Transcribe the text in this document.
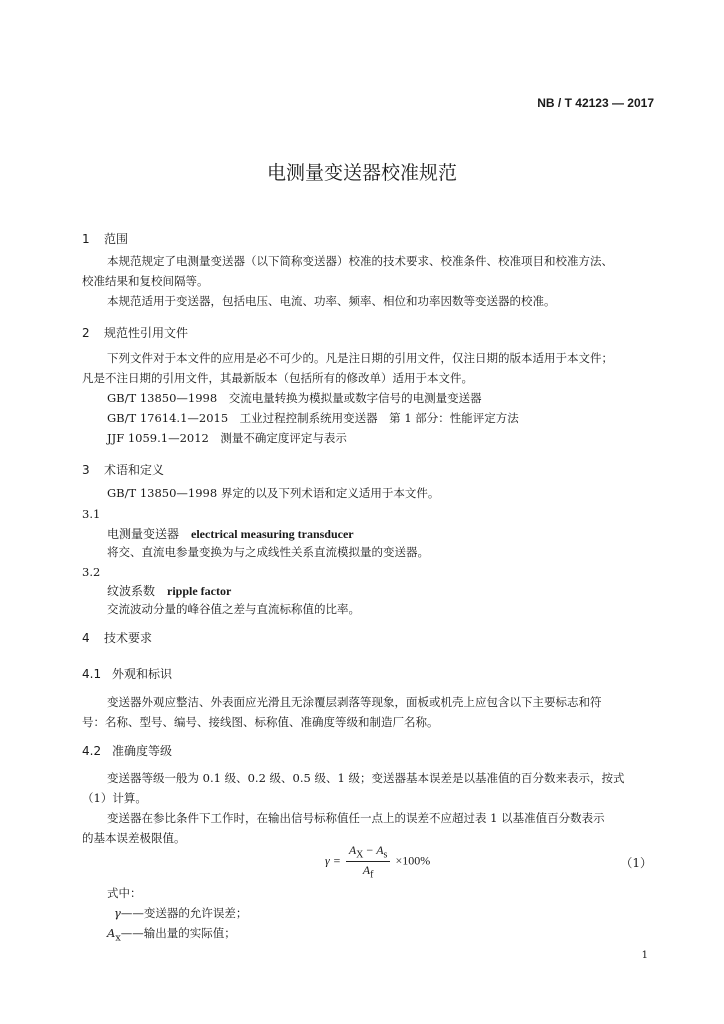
NB / T 42123 — 2017
电测量变送器校准规范
1 范围
本规范规定了电测量变送器（以下简称变送器）校准的技术要求、校准条件、校准项目和校准方法、
校准结果和复校间隔等。
本规范适用于变送器，包括电压、电流、功率、频率、相位和功率因数等变送器的校准。
2 规范性引用文件
下列文件对于本文件的应用是必不可少的。凡是注日期的引用文件，仅注日期的版本适用于本文件；
凡是不注日期的引用文件，其最新版本（包括所有的修改单）适用于本文件。
GB/T 13850—1998　交流电量转换为模拟量或数字信号的电测量变送器
GB/T 17614.1—2015　工业过程控制系统用变送器　第 1 部分：性能评定方法
JJF 1059.1—2012　测量不确定度评定与表示
3 术语和定义
GB/T 13850—1998 界定的以及下列术语和定义适用于本文件。
3.1
电测量变送器 electrical measuring transducer
将交、直流电参量变换为与之成线性关系直流模拟量的变送器。
3.2
纹波系数 ripple factor
交流波动分量的峰谷值之差与直流标称值的比率。
4 技术要求
4.1 外观和标识
变送器外观应整洁、外表面应光滑且无涂覆层剥落等现象，面板或机壳上应包含以下主要标志和符
号：名称、型号、编号、接线图、标称值、准确度等级和制造厂名称。
4.2 准确度等级
变送器等级一般为 0.1 级、0.2 级、0.5 级、1 级；变送器基本误差是以基准值的百分数来表示，按式
（1）计算。
变送器在参比条件下工作时，在输出信号标称值任一点上的误差不应超过表 1 以基准值百分数表示
的基本误差极限值。
$\gamma = \frac{A_X - A_s}{A_f} \times 100\%$	（1）
式中：
γ——变送器的允许误差；
$A_x——$输出量的实际值；
1
